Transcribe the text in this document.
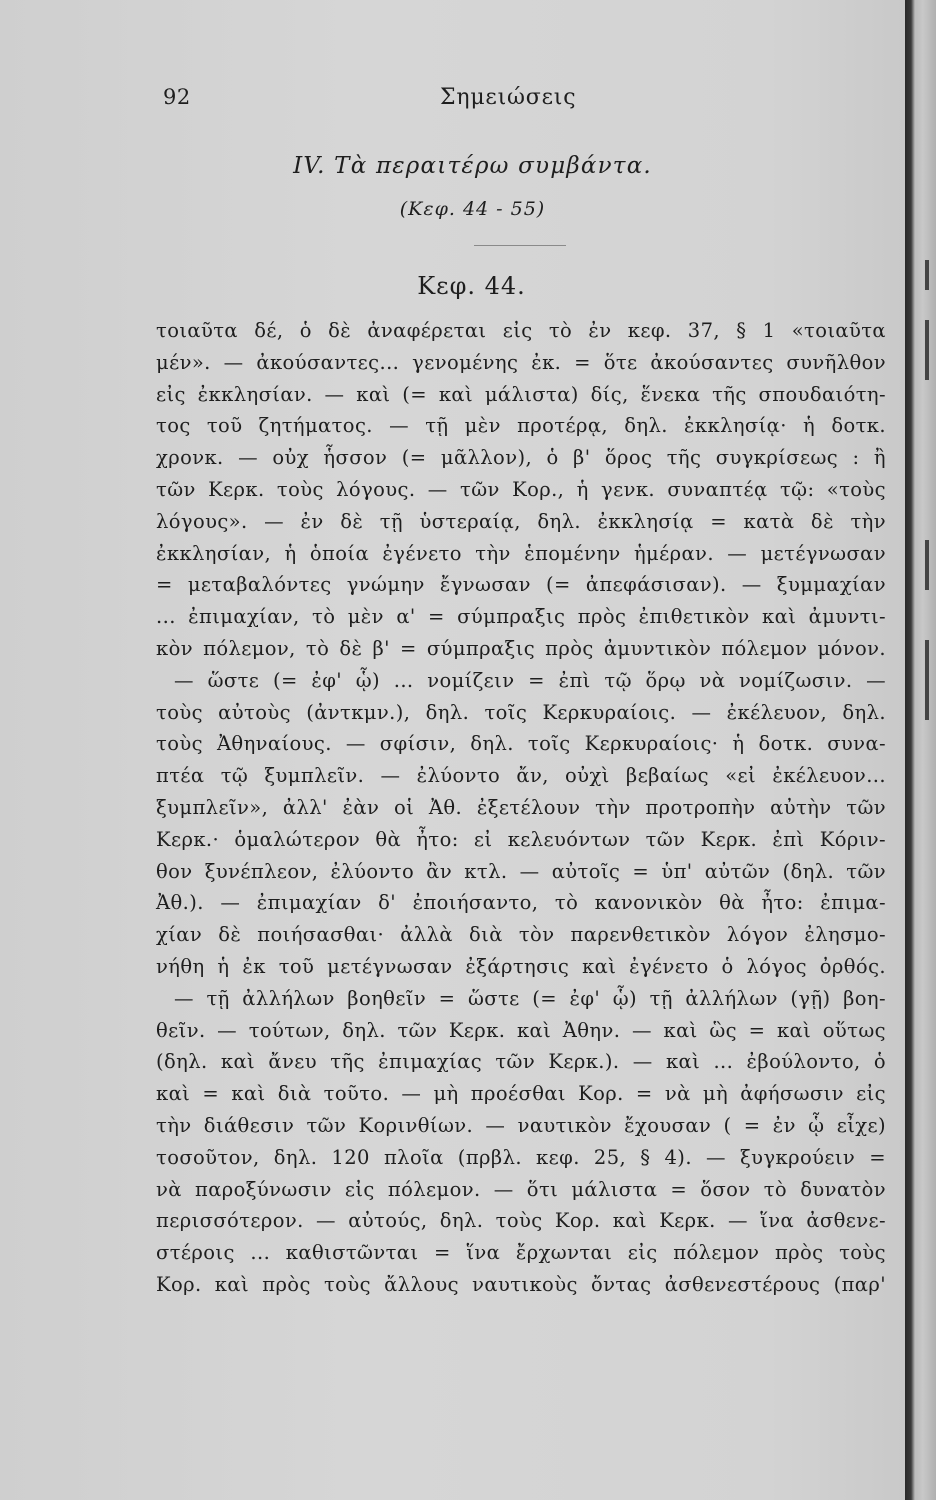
92	Σημειώσεις
IV. Τὰ περαιτέρω συμβάντα.
(Κεφ. 44 - 55)
Κεφ. 44.
τοιαῦτα δέ, ὁ δὲ ἀναφέρεται εἰς τὸ ἐν κεφ. 37, § 1 «τοιαῦτα
μέν». — ἀκούσαντες... γενομένης ἐκ. = ὅτε ἀκούσαντες συνῆλθον
εἰς ἐκκλησίαν. — καὶ (= καὶ μάλιστα) δίς, ἕνεκα τῆς σπουδαιότη-
τος τοῦ ζητήματος. — τῇ μὲν προτέρᾳ, δηλ. ἐκκλησίᾳ· ἡ δοτκ.
χρονκ. — οὐχ ἧσσον (= μᾶλλον), ὁ β' ὅρος τῆς συγκρίσεως : ἢ
τῶν Κερκ. τοὺς λόγους. — τῶν Κορ., ἡ γενκ. συναπτέᾳ τῷ: «τοὺς
λόγους». — ἐν δὲ τῇ ὑστεραίᾳ, δηλ. ἐκκλησίᾳ = κατὰ δὲ τὴν
ἐκκλησίαν, ἡ ὁποία ἐγένετο τὴν ἑπομένην ἡμέραν. — μετέγνωσαν
= μεταβαλόντες γνώμην ἔγνωσαν (= ἀπεφάσισαν). — ξυμμαχίαν
... ἐπιμαχίαν, τὸ μὲν α' = σύμπραξις πρὸς ἐπιθετικὸν καὶ ἀμυντι-
κὸν πόλεμον, τὸ δὲ β' = σύμπραξις πρὸς ἀμυντικὸν πόλεμον μόνον.
— ὥστε (= ἐφ' ᾧ) ... νομίζειν = ἐπὶ τῷ ὅρῳ νὰ νομίζωσιν. —
τοὺς αὐτοὺς (ἀντκμν.), δηλ. τοῖς Κερκυραίοις. — ἐκέλευον, δηλ.
τοὺς Ἀθηναίους. — σφίσιν, δηλ. τοῖς Κερκυραίοις· ἡ δοτκ. συνα-
πτέα τῷ ξυμπλεῖν. — ἐλύοντο ἄν, οὐχὶ βεβαίως «εἰ ἐκέλευον...
ξυμπλεῖν», ἀλλ' ἐὰν οἱ Ἀθ. ἐξετέλουν τὴν προτροπὴν αὐτὴν τῶν
Κερκ.· ὁμαλώτερον θὰ ἦτο: εἰ κελευόντων τῶν Κερκ. ἐπὶ Κόριν-
θον ξυνέπλεον, ἐλύοντο ἂν κτλ. — αὐτοῖς = ὑπ' αὐτῶν (δηλ. τῶν
Ἀθ.). — ἐπιμαχίαν δ' ἐποιήσαντο, τὸ κανονικὸν θὰ ἦτο: ἐπιμα-
χίαν δὲ ποιήσασθαι· ἀλλὰ διὰ τὸν παρενθετικὸν λόγον ἐλησμο-
νήθη ἡ ἐκ τοῦ μετέγνωσαν ἐξάρτησις καὶ ἐγένετο ὁ λόγος ὀρθός.
— τῇ ἀλλήλων βοηθεῖν = ὥστε (= ἐφ' ᾧ) τῇ ἀλλήλων (γῇ) βοη-
θεῖν. — τούτων, δηλ. τῶν Κερκ. καὶ Ἀθην. — καὶ ὣς = καὶ οὕτως
(δηλ. καὶ ἄνευ τῆς ἐπιμαχίας τῶν Κερκ.). — καὶ ... ἐβούλοντο, ὁ
καὶ = καὶ διὰ τοῦτο. — μὴ προέσθαι Κορ. = νὰ μὴ ἀφήσωσιν εἰς
τὴν διάθεσιν τῶν Κορινθίων. — ναυτικὸν ἔχουσαν ( = ἐν ᾧ εἶχε)
τοσοῦτον, δηλ. 120 πλοῖα (πρβλ. κεφ. 25, § 4). — ξυγκρούειν =
νὰ παροξύνωσιν εἰς πόλεμον. — ὅτι μάλιστα = ὅσον τὸ δυνατὸν
περισσότερον. — αὐτούς, δηλ. τοὺς Κορ. καὶ Κερκ. — ἵνα ἀσθενε-
στέροις ... καθιστῶνται = ἵνα ἔρχωνται εἰς πόλεμον πρὸς τοὺς
Κορ. καὶ πρὸς τοὺς ἄλλους ναυτικοὺς ὄντας ἀσθενεστέρους (παρ'
